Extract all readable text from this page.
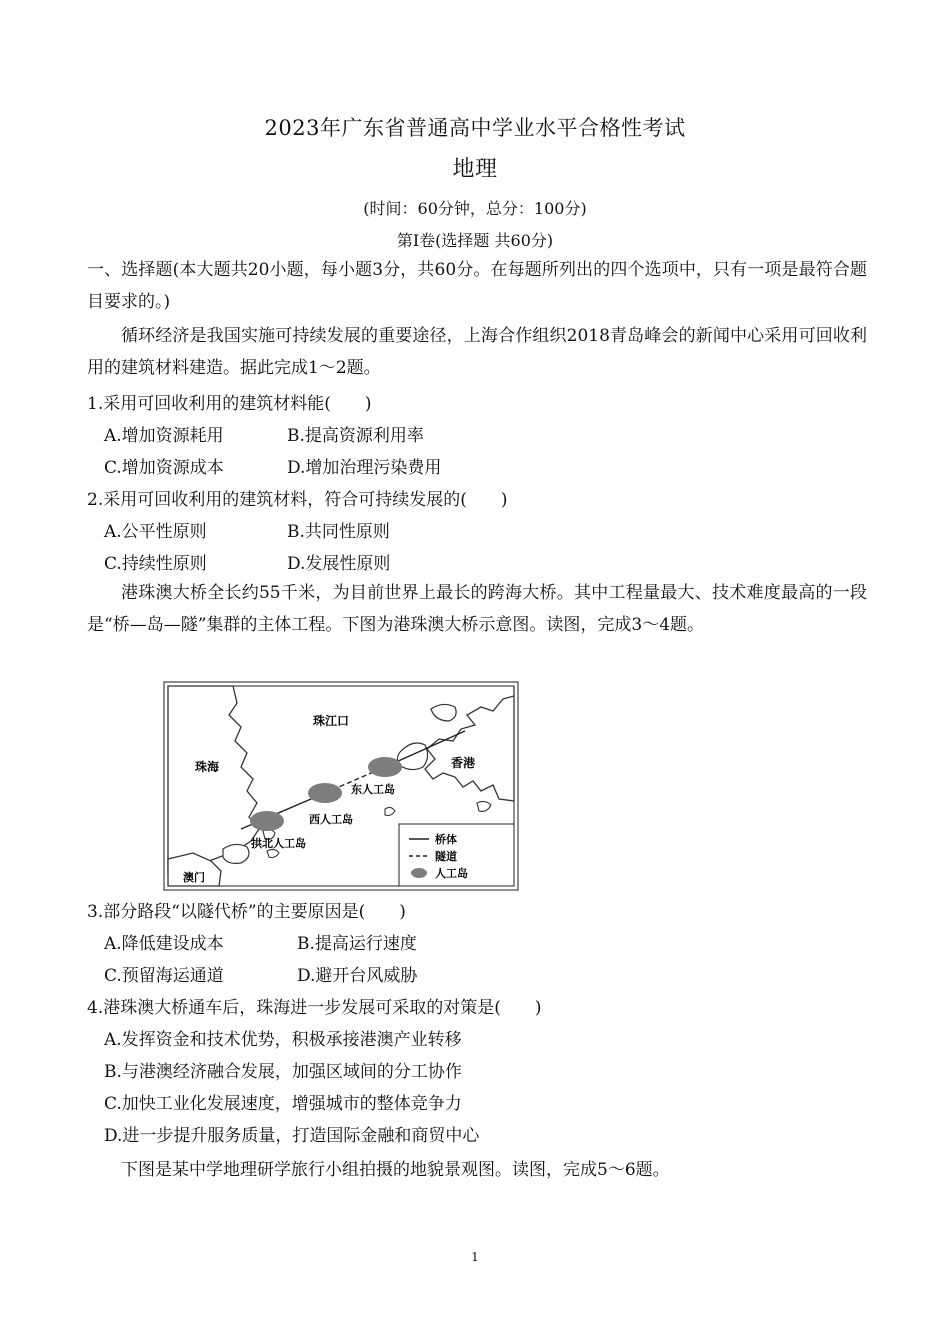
2023年广东省普通高中学业水平合格性考试
地理
(时间：60分钟，总分：100分)
第Ⅰ卷(选择题 共60分)
一、选择题(本大题共20小题，每小题3分，共60分。在每题所列出的四个选项中，只有一项是最符合题目要求的。)
循环经济是我国实施可持续发展的重要途径，上海合作组织2018青岛峰会的新闻中心采用可回收利用的建筑材料建造。据此完成1～2题。
1.采用可回收利用的建筑材料能(　　)
A.增加资源耗用	B.提高资源利用率
C.增加资源成本	D.增加治理污染费用
2.采用可回收利用的建筑材料，符合可持续发展的(　　)
A.公平性原则	B.共同性原则
C.持续性原则	D.发展性原则
港珠澳大桥全长约55千米，为目前世界上最长的跨海大桥。其中工程量最大、技术难度最高的一段是“桥—岛—隧”集群的主体工程。下图为港珠澳大桥示意图。读图，完成3～4题。
珠江口
珠海	香港
东人工岛
西人工岛
拱北人工岛
澳门
桥体
隧道
人工岛
3.部分路段“以隧代桥”的主要原因是(　　)
A.降低建设成本	B.提高运行速度
C.预留海运通道	D.避开台风威胁
4.港珠澳大桥通车后，珠海进一步发展可采取的对策是(　　)
A.发挥资金和技术优势，积极承接港澳产业转移
B.与港澳经济融合发展，加强区域间的分工协作
C.加快工业化发展速度，增强城市的整体竞争力
D.进一步提升服务质量，打造国际金融和商贸中心
下图是某中学地理研学旅行小组拍摄的地貌景观图。读图，完成5～6题。
1
